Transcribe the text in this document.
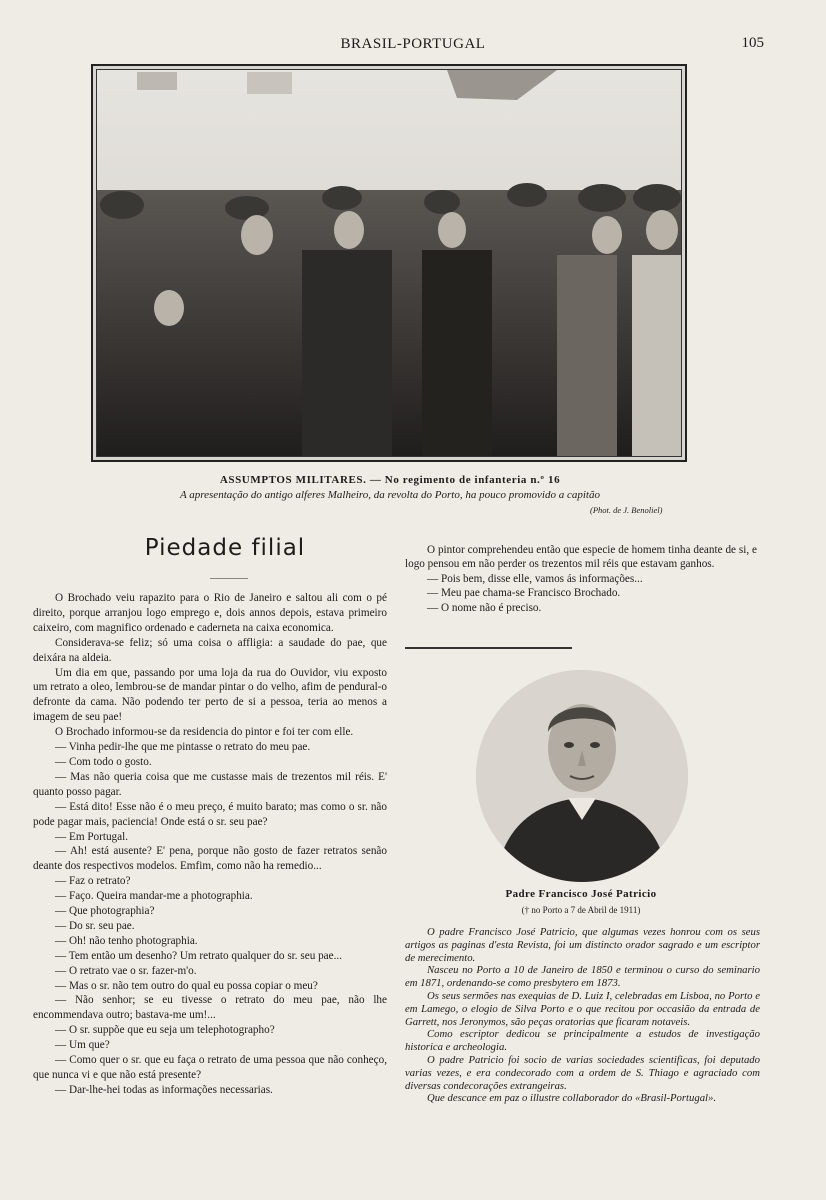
BRASIL-PORTUGAL	105
ASSUMPTOS MILITARES. — No regimento de infanteria n.º 16
A apresentação do antigo alferes Malheiro, da revolta do Porto, ha pouco promovido a capitão
(Phot. de J. Benoliel)
Piedade filial

O Brochado veiu rapazito para o Rio de Janeiro e saltou ali com o pé direito, porque arranjou logo emprego e, dois annos depois, estava primeiro caixeiro, com magnifico ordenado e caderneta na caixa economica.

Considerava-se feliz; só uma coisa o affligia: a saudade do pae, que deixára na aldeia.

Um dia em que, passando por uma loja da rua do Ouvidor, viu exposto um retrato a oleo, lembrou-se de mandar pintar o do velho, afim de pendural-o defronte da cama. Não podendo ter perto de si a pessoa, teria ao menos a imagem de seu pae!

O Brochado informou-se da residencia do pintor e foi ter com elle.

— Vinha pedir-lhe que me pintasse o retrato do meu pae.

— Com todo o gosto.

— Mas não queria coisa que me custasse mais de trezentos mil réis. E' quanto posso pagar.

— Está dito! Esse não é o meu preço, é muito barato; mas como o sr. não pode pagar mais, paciencia! Onde está o sr. seu pae?

— Em Portugal.

— Ah! está ausente? E' pena, porque não gosto de fazer retratos senão deante dos respectivos modelos. Emfim, como não ha remedio...

— Faz o retrato?

— Faço. Queira mandar-me a photographia.

— Que photographia?

— Do sr. seu pae.

— Oh! não tenho photographia.

— Tem então um desenho? Um retrato qualquer do sr. seu pae...

— O retrato vae o sr. fazer-m'o.

— Mas o sr. não tem outro do qual eu possa copiar o meu?

— Não senhor; se eu tivesse o retrato do meu pae, não lhe encommendava outro; bastava-me um!...

— O sr. suppõe que eu seja um telephotographo?

— Um que?

— Como quer o sr. que eu faça o retrato de uma pessoa que não conheço, que nunca vi e que não está presente?

— Dar-lhe-hei todas as informações necessarias.

O pintor comprehendeu então que especie de homem tinha deante de si, e logo pensou em não perder os trezentos mil réis que estavam ganhos.

— Pois bem, disse elle, vamos ás informações...

— Meu pae chama-se Francisco Brochado.

— O nome não é preciso.

Padre Francisco José Patricio
(† no Porto a 7 de Abril de 1911)

O padre Francisco José Patricio, que algumas vezes honrou com os seus artigos as paginas d'esta Revista, foi um distincto orador sagrado e um escriptor de merecimento.

Nasceu no Porto a 10 de Janeiro de 1850 e terminou o curso do seminario em 1871, ordenando-se como presbytero em 1873.

Os seus sermões nas exequias de D. Luiz I, celebradas em Lisboa, no Porto e em Lamego, o elogio de Silva Porto e o que recitou por occasião da entrada de Garrett, nos Jeronymos, são peças oratorias que ficaram notaveis.

Como escriptor dedicou se principalmente a estudos de investigação historica e archeologia.

O padre Patricio foi socio de varias sociedades scientificas, foi deputado varias vezes, e era condecorado com a ordem de S. Thiago e agraciado com diversas condecorações extrangeiras.

Que descance em paz o illustre collaborador do «Brasil-Portugal».
